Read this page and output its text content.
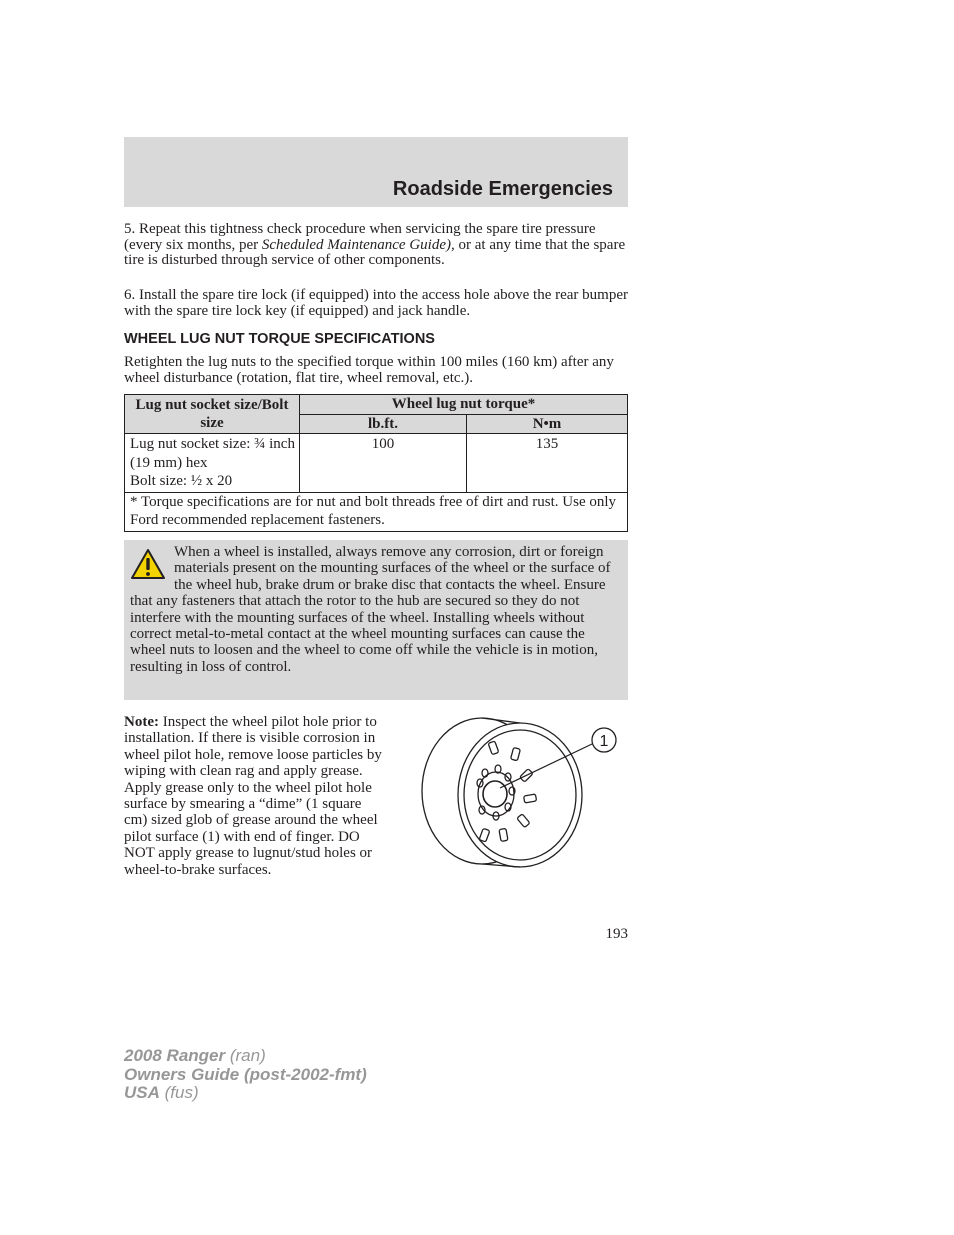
Roadside Emergencies

5. Repeat this tightness check procedure when servicing the spare tire pressure (every six months, per Scheduled Maintenance Guide), or at any time that the spare tire is disturbed through service of other components.

6. Install the spare tire lock (if equipped) into the access hole above the rear bumper with the spare tire lock key (if equipped) and jack handle.

WHEEL LUG NUT TORQUE SPECIFICATIONS

Retighten the lug nuts to the specified torque within 100 miles (160 km) after any wheel disturbance (rotation, flat tire, wheel removal, etc.).

Lug nut socket size/Bolt size	Wheel lug nut torque*	
	lb.ft.	N•m

Lug nut socket size: ¾ inch (19 mm) hex
Bolt size: ½ x 20	100	135
* Torque specifications are for nut and bolt threads free of dirt and rust. Use only Ford recommended replacement fasteners.		

When a wheel is installed, always remove any corrosion, dirt or foreign materials present on the mounting surfaces of the wheel or the surface of the wheel hub, brake drum or brake disc that contacts the wheel. Ensure that any fasteners that attach the rotor to the hub are secured so they do not interfere with the mounting surfaces of the wheel. Installing wheels without correct metal-to-metal contact at the wheel mounting surfaces can cause the wheel nuts to loosen and the wheel to come off while the vehicle is in motion, resulting in loss of control.

Note: Inspect the wheel pilot hole prior to installation. If there is visible corrosion in wheel pilot hole, remove loose particles by wiping with clean rag and apply grease. Apply grease only to the wheel pilot hole surface by smearing a “dime” (1 square cm) sized glob of grease around the wheel pilot surface (1) with end of finger. DO NOT apply grease to lugnut/stud holes or wheel-to-brake surfaces.

1
193
2008 Ranger (ran)
Owners Guide (post-2002-fmt)
USA (fus)
